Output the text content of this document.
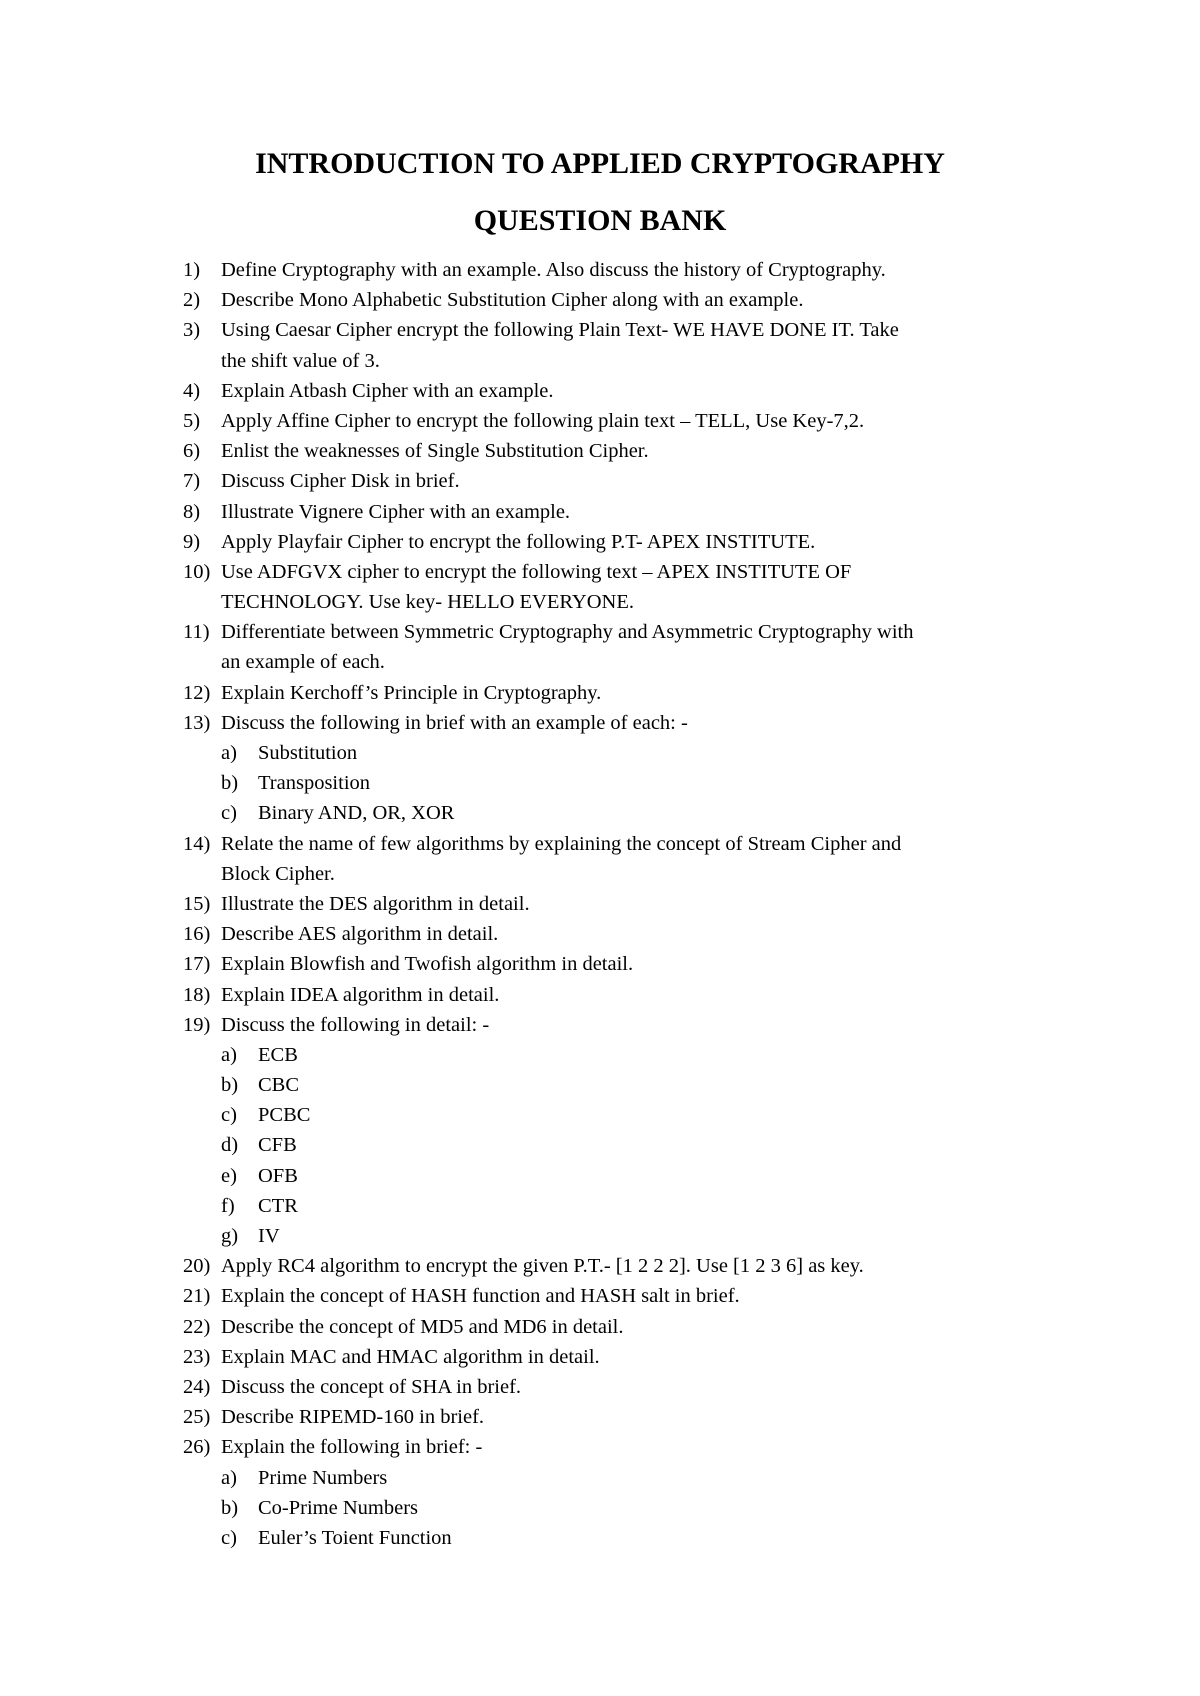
INTRODUCTION TO APPLIED CRYPTOGRAPHY
QUESTION BANK
1) Define Cryptography with an example. Also discuss the history of Cryptography.
2) Describe Mono Alphabetic Substitution Cipher along with an example.
3) Using Caesar Cipher encrypt the following Plain Text- WE HAVE DONE IT. Take
the shift value of 3.
4) Explain Atbash Cipher with an example.
5) Apply Affine Cipher to encrypt the following plain text – TELL, Use Key-7,2.
6) Enlist the weaknesses of Single Substitution Cipher.
7) Discuss Cipher Disk in brief.
8) Illustrate Vignere Cipher with an example.
9) Apply Playfair Cipher to encrypt the following P.T- APEX INSTITUTE.
10) Use ADFGVX cipher to encrypt the following text – APEX INSTITUTE OF
TECHNOLOGY. Use key- HELLO EVERYONE.
11) Differentiate between Symmetric Cryptography and Asymmetric Cryptography with
an example of each.
12) Explain Kerchoff’s Principle in Cryptography.
13) Discuss the following in brief with an example of each: -
a) Substitution
b) Transposition
c) Binary AND, OR, XOR
14) Relate the name of few algorithms by explaining the concept of Stream Cipher and
Block Cipher.
15) Illustrate the DES algorithm in detail.
16) Describe AES algorithm in detail.
17) Explain Blowfish and Twofish algorithm in detail.
18) Explain IDEA algorithm in detail.
19) Discuss the following in detail: -
a) ECB
b) CBC
c) PCBC
d) CFB
e) OFB
f) CTR
g) IV
20) Apply RC4 algorithm to encrypt the given P.T.- [1 2 2 2]. Use [1 2 3 6] as key.
21) Explain the concept of HASH function and HASH salt in brief.
22) Describe the concept of MD5 and MD6 in detail.
23) Explain MAC and HMAC algorithm in detail.
24) Discuss the concept of SHA in brief.
25) Describe RIPEMD-160 in brief.
26) Explain the following in brief: -
a) Prime Numbers
b) Co-Prime Numbers
c) Euler’s Toient Function
